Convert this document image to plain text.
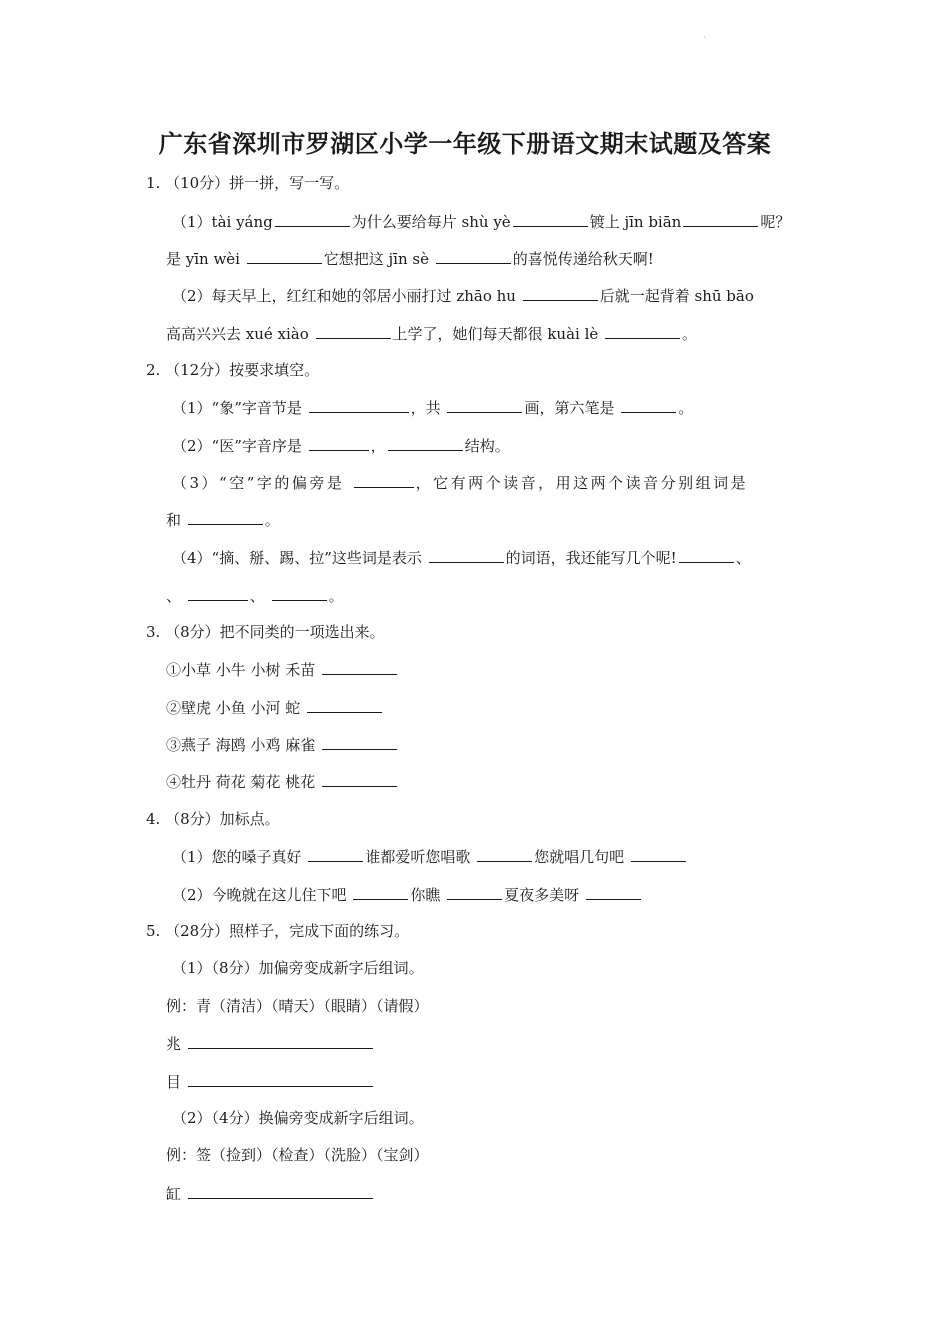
'
广东省深圳市罗湖区小学一年级下册语文期末试题及答案
1. （10分）拼一拼，写一写。
（1）tài yáng	为什么要给每片 shù yè	镀上 jīn biān	呢？
是 yīn wèi	它想把这 jīn sè	的喜悦传递给秋天啊!
（2）每天早上，红红和她的邻居小丽打过 zhāo hu	后就一起背着 shū bāo
高高兴兴去 xué xiào	上学了，她们每天都很 kuài lè	。
2. （12分）按要求填空。
（1）“象”字音节是	，共	画，第六笔是	。
（2）“医”字音序是	，	结构。
（3）“空”字的偏旁是	，它有两个读音，用这两个读音分别组词是
和	。
（4）“摘、掰、踢、拉”这些词是表示	的词语，我还能写几个呢!	、
、	、	。
3. （8分）把不同类的一项选出来。
①小草 小牛 小树 禾苗
②壁虎 小鱼 小河 蛇
③燕子 海鸥 小鸡 麻雀
④牡丹 荷花 菊花 桃花
4. （8分）加标点。
（1）您的嗓子真好	谁都爱听您唱歌	您就唱几句吧
（2）今晚就在这儿住下吧	你瞧	夏夜多美呀
5. （28分）照样子，完成下面的练习。
（1）（8分）加偏旁变成新字后组词。
例：青（清洁）（晴天）（眼睛）（请假）
兆
目
（2）（4分）换偏旁变成新字后组词。
例：签（捡到）（检查）（洗脸）（宝剑）
缸
